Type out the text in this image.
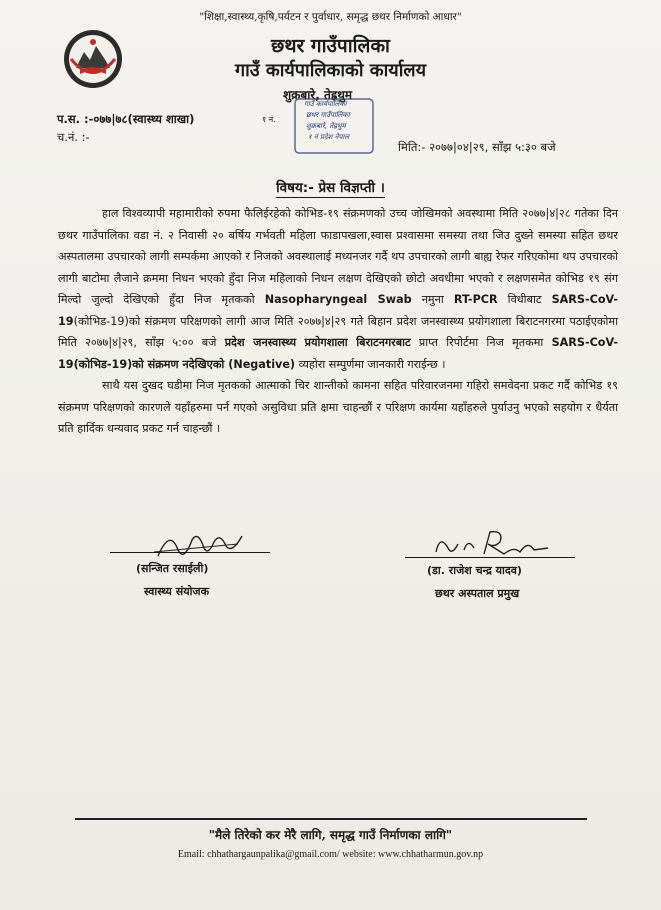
"शिक्षा,स्वास्थ्य,कृषि,पर्यटन र पुर्वाधार, समृद्ध छथर निर्माणको आधार"
छथर गाउँपालिका
गाउँ कार्यपालिकाको कार्यालय
शुक्रबारे, तेह्रथुम
गाउँ कार्यपालिका
छथर गाउँपालिका
शुक्रबारे, तेह्रथुम
१ नं प्रदेश नेपाल
प.स. :-०७७|७८(स्वास्थ्य शाखा)	१ नं.
च.नं. :-
मिति:- २०७७|०४|२९, साँझ ५:३० बजे
विषय:- प्रेस विज्ञप्ती ।

हाल विश्वव्यापी महामारीको रुपमा फैलिईरहेको कोभिड-१९ संक्रमणको उच्च जोखिमको अवस्थामा मिति २०७७|४|२८ गतेका दिन छथर गाउँपालिका वडा नं. २ निवासी २० बर्षिय गर्भवती महिला फाडापखला,स्वास प्रश्वासमा समस्या तथा जिउ दुख्ने समस्या सहित छथर अस्पतालमा उपचारको लागी सम्पर्कमा आएको र निजको अवस्थालाई मध्यनजर गर्दै थप उपचारको लागी बाह्य रेफर गरिएकोमा थप उपचारको लागी बाटोमा लैजाने क्रममा निधन भएको हुँदा निज महिलाको निधन लक्षण देखिएको छोटो अवधीमा भएको र लक्षणसमेत कोभिड १९ संग मिल्दो जुल्दो देखिएको हुँदा निज मृतकको Nasopharyngeal Swab नमुना RT-PCR विधीबाट SARS-CoV-19(कोभिड-19)को संक्रमण परिक्षणको लागी आज मिति २०७७|४|२९ गते बिहान प्रदेश जनस्वास्थ्य प्रयोगशाला बिराटनगरमा पठाईएकोमा मिति २०७७|४|२९, साँझ ५:०० बजे प्रदेश जनस्वास्थ्य प्रयोगशाला बिराटनगरबाट प्राप्त रिपोर्टमा निज मृतकमा SARS-CoV-19(कोभिड-19)को संक्रमण नदेखिएको (Negative) व्यहोरा सम्पुर्णमा जानकारी गराईन्छ ।

साथै यस दुखद घडीमा निज मृतकको आत्माको चिर शान्तीको कामना सहित परिवारजनमा गहिरो समवेदना प्रकट गर्दै कोभिड १९ संक्रमण परिक्षणको कारणले यहाँहरुमा पर्न गएको असुविधा प्रति क्षमा चाहन्छौं र परिक्षण कार्यमा यहाँहरुले पुर्याउनु भएको सहयोग र धैर्यता प्रति हार्दिक धन्यवाद प्रकट गर्न चाहन्छौं ।

(सन्जित रसाईली)
स्वास्थ्य संयोजक
(डा. राजेश चन्द्र यादव)
छथर अस्पताल प्रमुख
"मैले तिरेको कर मेरै लागि, समृद्ध गाउँ निर्माणका लागि"
Email: chhathargaunpalika@gmail.com/ website: www.chhatharmun.gov.np
